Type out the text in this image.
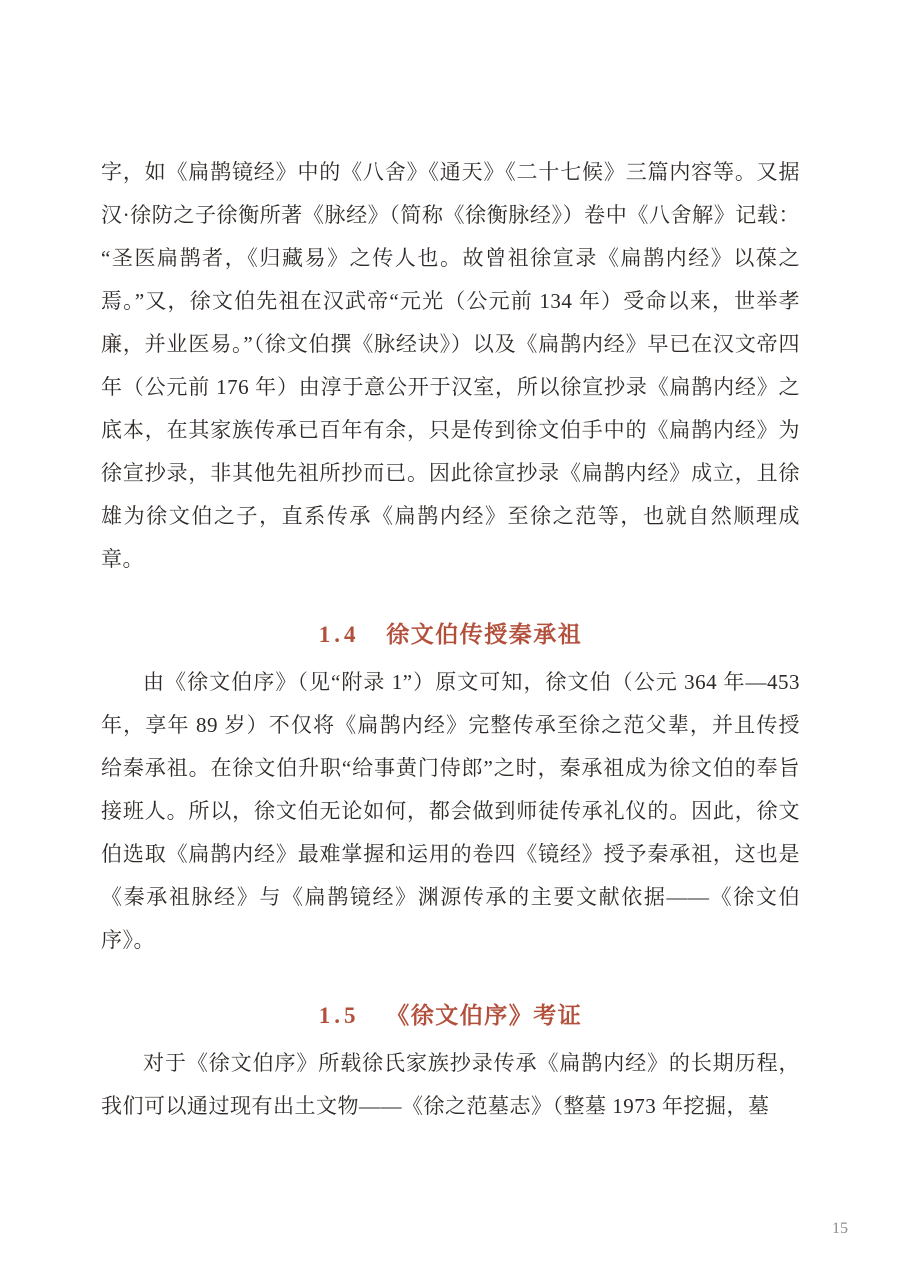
字，如《扁鹊镜经》中的《八舍》《通天》《二十七候》三篇内容等。又据汉·徐防之子徐衡所著《脉经》（简称《徐衡脉经》）卷中《八舍解》记载：“圣医扁鹊者，《归藏易》之传人也。故曾祖徐宣录《扁鹊内经》以葆之焉。”又，徐文伯先祖在汉武帝“元光（公元前 134 年）受命以来，世举孝廉，并业医易。”（徐文伯撰《脉经诀》）以及《扁鹊内经》早已在汉文帝四年（公元前 176 年）由淳于意公开于汉室，所以徐宣抄录《扁鹊内经》之底本，在其家族传承已百年有余，只是传到徐文伯手中的《扁鹊内经》为徐宣抄录，非其他先祖所抄而已。因此徐宣抄录《扁鹊内经》成立，且徐雄为徐文伯之子，直系传承《扁鹊内经》至徐之范等，也就自然顺理成章。

1.4 徐文伯传授秦承祖

由《徐文伯序》（见“附录 1”）原文可知，徐文伯（公元 364 年—453 年，享年 89 岁）不仅将《扁鹊内经》完整传承至徐之范父辈，并且传授给秦承祖。在徐文伯升职“给事黄门侍郎”之时，秦承祖成为徐文伯的奉旨接班人。所以，徐文伯无论如何，都会做到师徒传承礼仪的。因此，徐文伯选取《扁鹊内经》最难掌握和运用的卷四《镜经》授予秦承祖，这也是《秦承祖脉经》与《扁鹊镜经》渊源传承的主要文献依据——《徐文伯序》。

1.5 《徐文伯序》考证

对于《徐文伯序》所载徐氏家族抄录传承《扁鹊内经》的长期历程，我们可以通过现有出土文物——《徐之范墓志》（整墓 1973 年挖掘，墓

15
